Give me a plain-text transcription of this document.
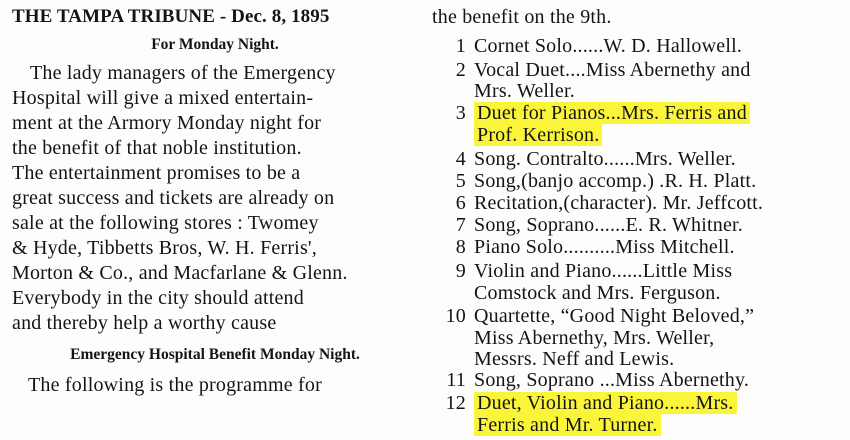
THE TAMPA TRIBUNE - Dec. 8, 1895
For Monday Night.
The lady managers of the Emergency
Hospital will give a mixed entertain-
ment at the Armory Monday night for
the benefit of that noble institution.
The entertainment promises to be a
great success and tickets are already on
sale at the following stores : Twomey
& Hyde, Tibbetts Bros, W. H. Ferris',
Morton & Co., and Macfarlane & Glenn.
Everybody in the city should attend
and thereby help a worthy cause
Emergency Hospital Benefit Monday Night.
The following is the programme for
the benefit on the 9th.
1 Cornet Solo......W. D. Hallowell.
2 Vocal Duet....Miss Abernethy and
Mrs. Weller.
3 Duet for Pianos...Mrs. Ferris and
Prof. Kerrison.
4 Song. Contralto......Mrs. Weller.
5 Song,(banjo accomp.) .R. H. Platt.
6 Recitation,(character). Mr. Jeffcott.
7 Song, Soprano......E. R. Whitner.
8 Piano Solo..........Miss Mitchell.
9 Violin and Piano......Little Miss
Comstock and Mrs. Ferguson.
10 Quartette, “Good Night Beloved,”
Miss Abernethy, Mrs. Weller,
Messrs. Neff and Lewis.
11 Song, Soprano ...Miss Abernethy.
12 Duet, Violin and Piano......Mrs.
Ferris and Mr. Turner.
